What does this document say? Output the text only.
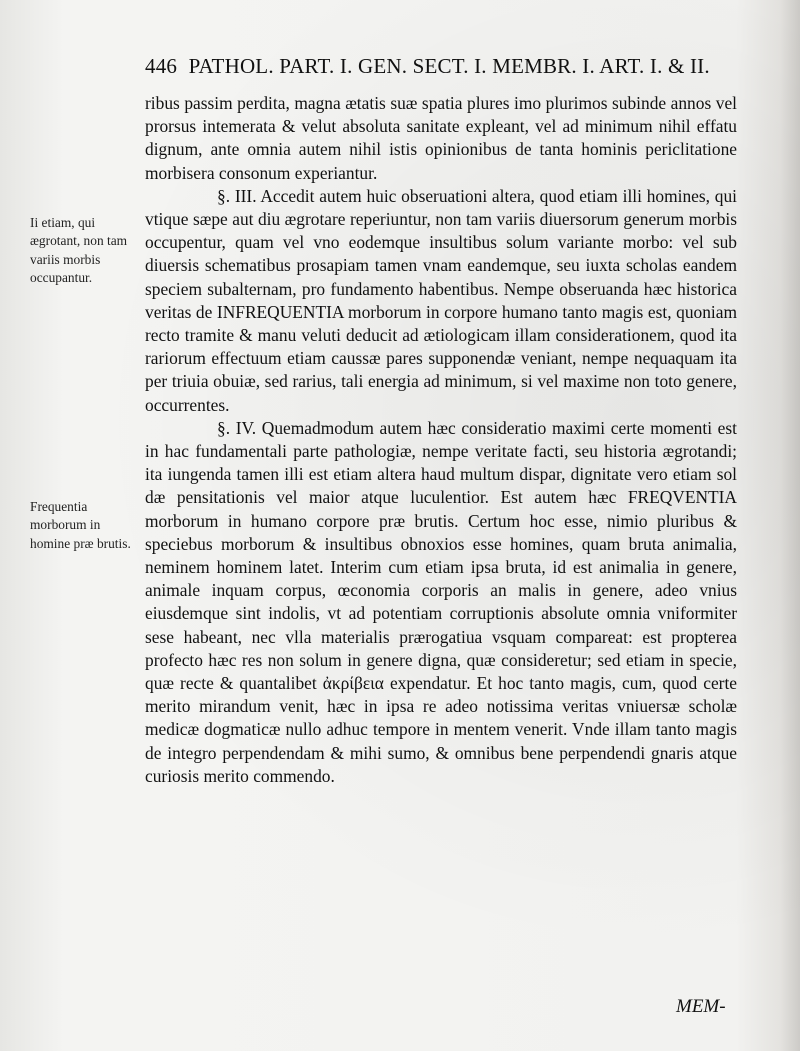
446 PATHOL. PART. I. GEN. SECT. I. MEMBR. I. ART. I. & II.
Ii etiam, qui ægrotant, non tam variis morbis occupantur.
Frequentia morborum in homine præ brutis.

ribus passim perdita, magna ætatis suæ spatia plures imo plurimos subinde annos vel prorsus intemerata & velut absoluta sanitate expleant, vel ad minimum nihil effatu dignum, ante omnia autem nihil istis opinionibus de tanta hominis periclitatione morbisera consonum experiantur.

§. III. Accedit autem huic obseruationi altera, quod etiam illi homines, qui vtique sæpe aut diu ægrotare reperiuntur, non tam variis diuersorum generum morbis occupentur, quam vel vno eodemque insultibus solum variante morbo: vel sub diuersis schematibus prosapiam tamen vnam eandemque, seu iuxta scholas eandem speciem subalternam, pro fundamento habentibus. Nempe obseruanda hæc historica veritas de INFREQUENTIA morborum in corpore humano tanto magis est, quoniam recto tramite & manu veluti deducit ad ætiologicam illam considerationem, quod ita rariorum effectuum etiam caussæ pares supponendæ veniant, nempe nequaquam ita per triuia obuiæ, sed rarius, tali energia ad minimum, si vel maxime non toto genere, occurrentes.

§. IV. Quemadmodum autem hæc consideratio maximi certe momenti est in hac fundamentali parte pathologiæ, nempe veritate facti, seu historia ægrotandi; ita iungenda tamen illi est etiam altera haud multum dispar, dignitate vero etiam sol dæ pensitationis vel maior atque luculentior. Est autem hæc FREQVENTIA morborum in humano corpore præ brutis. Certum hoc esse, nimio pluribus & speciebus morborum & insultibus obnoxios esse homines, quam bruta animalia, neminem hominem latet. Interim cum etiam ipsa bruta, id est animalia in genere, animale inquam corpus, œconomia corporis an malis in genere, adeo vnius eiusdemque sint indolis, vt ad potentiam corruptionis absolute omnia vniformiter sese habeant, nec vlla materialis prærogatiua vsquam compareat: est propterea profecto hæc res non solum in genere digna, quæ consideretur; sed etiam in specie, quæ recte & quantalibet ἀκρίβεια expendatur. Et hoc tanto magis, cum, quod certe merito mirandum venit, hæc in ipsa re adeo notissima veritas vniuersæ scholæ medicæ dogmaticæ nullo adhuc tempore in mentem venerit. Vnde illam tanto magis de integro perpendendam & mihi sumo, & omnibus bene perpendendi gnaris atque curiosis merito commendo.

MEM-
